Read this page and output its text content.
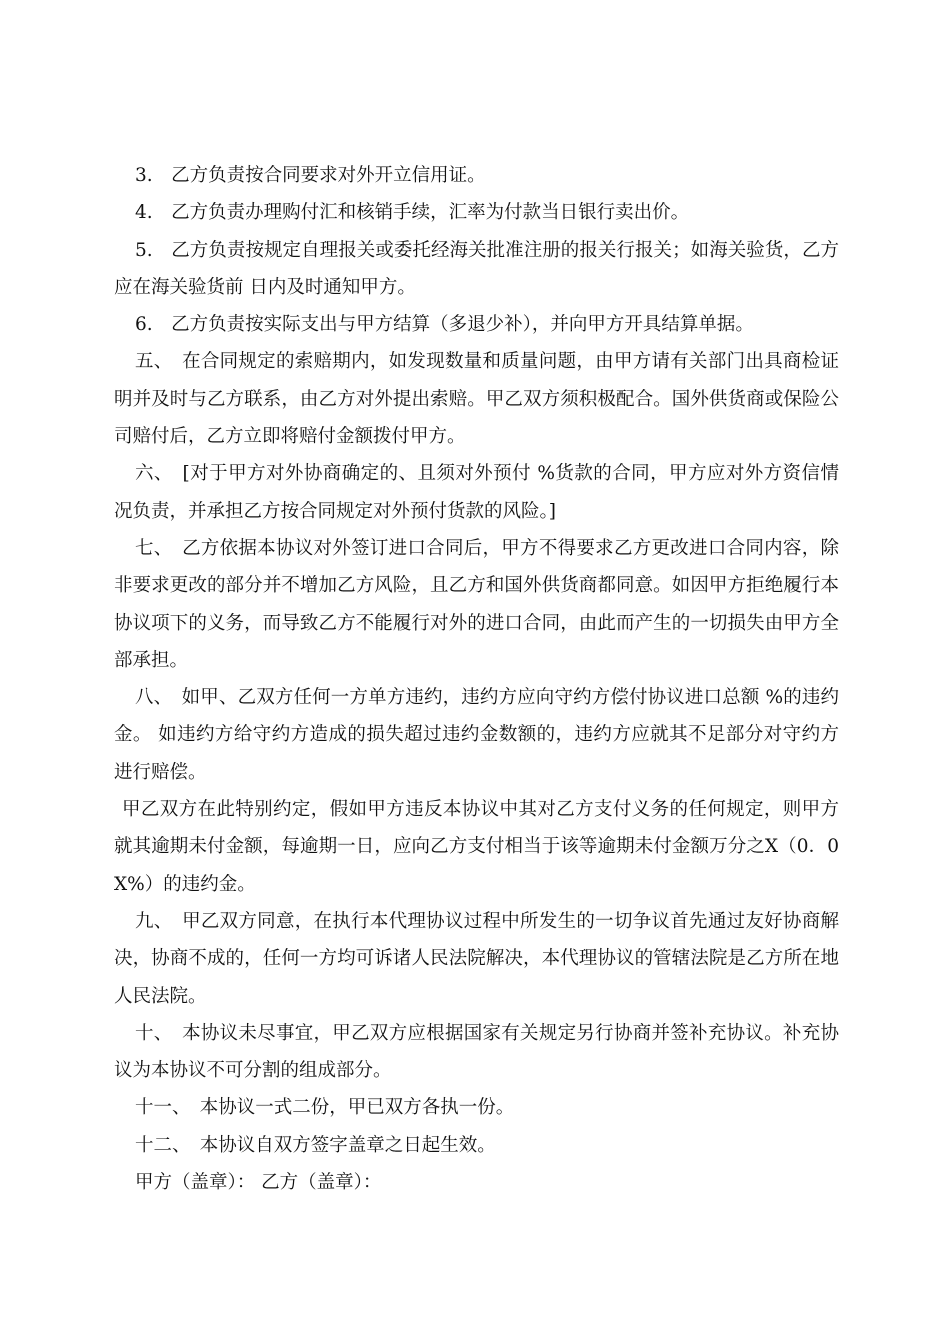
3.　乙方负责按合同要求对外开立信用证。

4.　乙方负责办理购付汇和核销手续，汇率为付款当日银行卖出价。

5.　乙方负责按规定自理报关或委托经海关批准注册的报关行报关；如海关验货，乙方应在海关验货前 日内及时通知甲方。

6.　乙方负责按实际支出与甲方结算（多退少补），并向甲方开具结算单据。

五、　在合同规定的索赔期内，如发现数量和质量问题，由甲方请有关部门出具商检证明并及时与乙方联系，由乙方对外提出索赔。甲乙双方须积极配合。国外供货商或保险公司赔付后，乙方立即将赔付金额拨付甲方。

六、　[对于甲方对外协商确定的、且须对外预付 %货款的合同，甲方应对外方资信情况负责，并承担乙方按合同规定对外预付货款的风险。]

七、　乙方依据本协议对外签订进口合同后，甲方不得要求乙方更改进口合同内容，除非要求更改的部分并不增加乙方风险，且乙方和国外供货商都同意。如因甲方拒绝履行本协议项下的义务，而导致乙方不能履行对外的进口合同，由此而产生的一切损失由甲方全部承担。

八、　如甲、乙双方任何一方单方违约，违约方应向守约方偿付协议进口总额 %的违约金。 如违约方给守约方造成的损失超过违约金数额的，违约方应就其不足部分对守约方进行赔偿。

甲乙双方在此特别约定，假如甲方违反本协议中其对乙方支付义务的任何规定，则甲方就其逾期未付金额，每逾期一日，应向乙方支付相当于该等逾期未付金额万分之X（0．0X%）的违约金。

九、　甲乙双方同意，在执行本代理协议过程中所发生的一切争议首先通过友好协商解决，协商不成的，任何一方均可诉诸人民法院解决，本代理协议的管辖法院是乙方所在地人民法院。

十、　本协议未尽事宜，甲乙双方应根据国家有关规定另行协商并签补充协议。补充协议为本协议不可分割的组成部分。

十一、　本协议一式二份，甲已双方各执一份。

十二、　本协议自双方签字盖章之日起生效。

甲方（盖章）： 乙方（盖章）：
